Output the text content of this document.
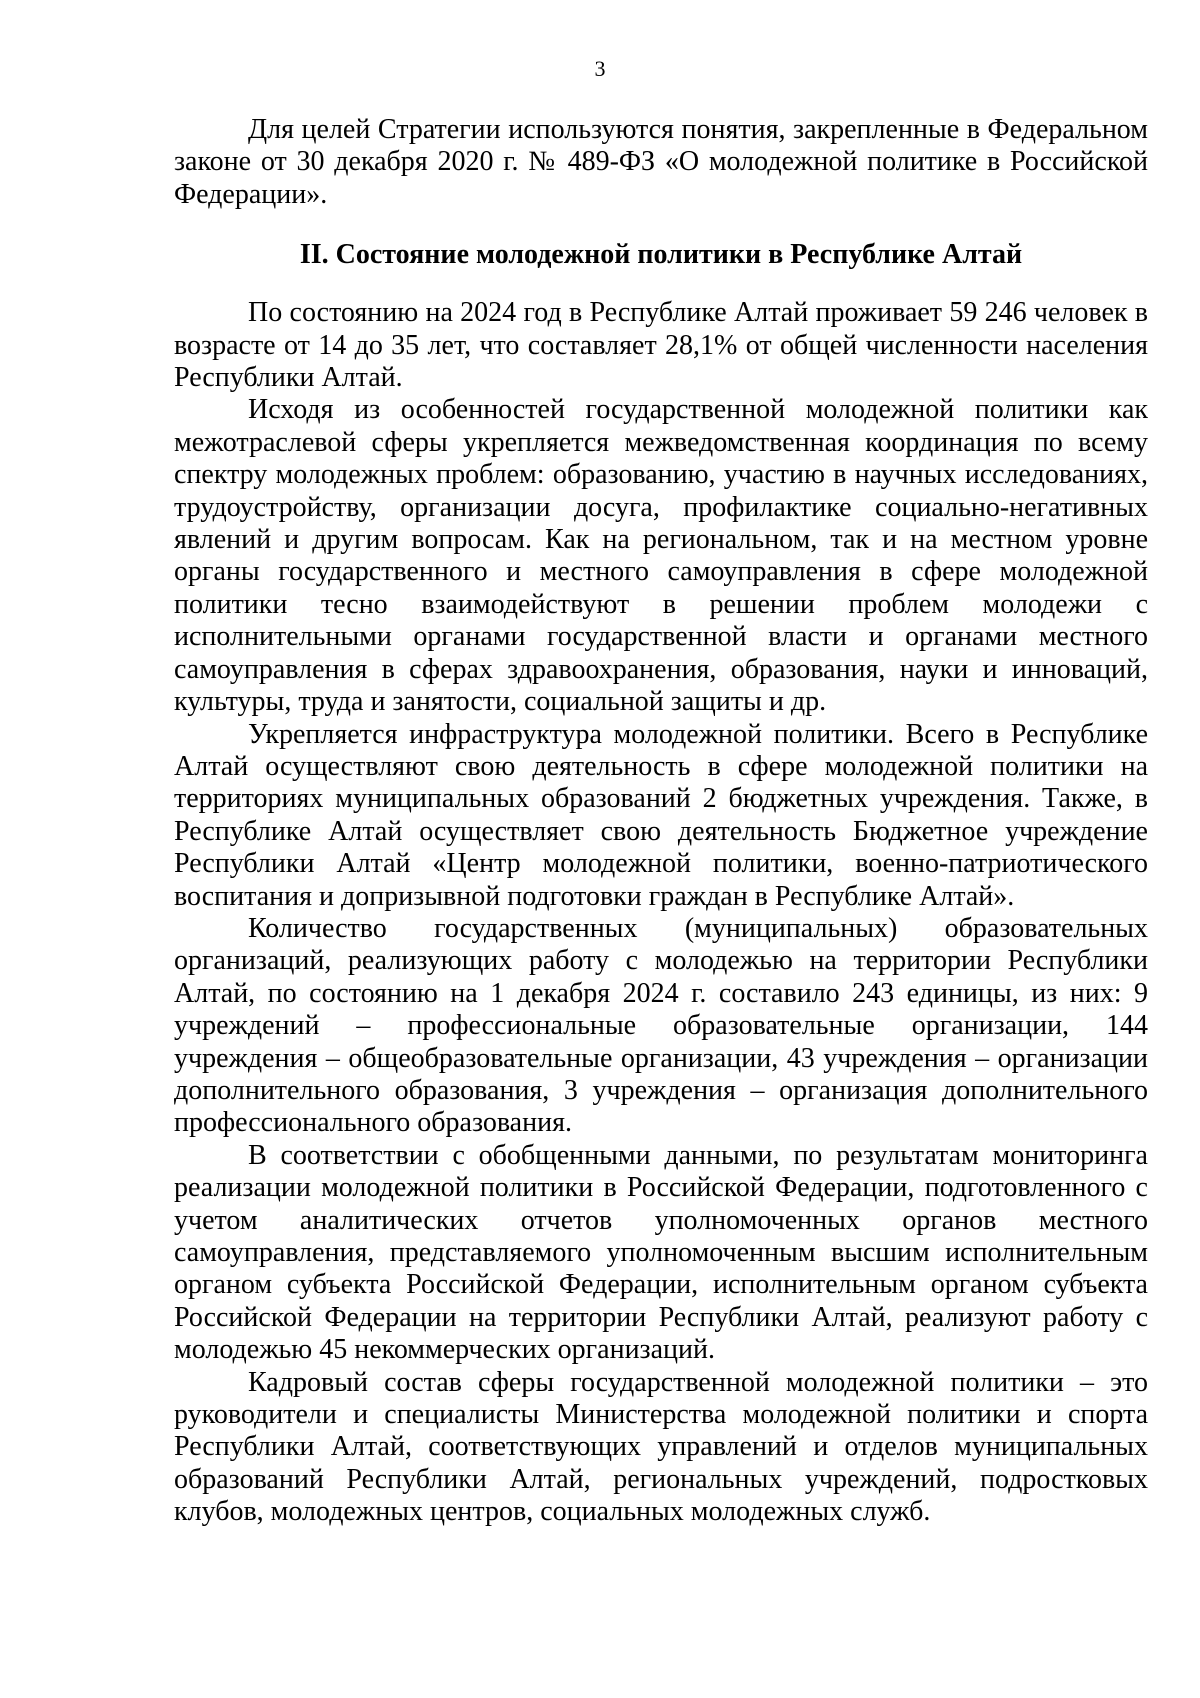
3

Для целей Стратегии используются понятия, закрепленные в Федеральном законе от 30 декабря 2020 г. № 489-ФЗ «О молодежной политике в Российской Федерации».

II. Состояние молодежной политики в Республике Алтай

По состоянию на 2024 год в Республике Алтай проживает 59 246 человек в возрасте от 14 до 35 лет, что составляет 28,1% от общей численности населения Республики Алтай.

Исходя из особенностей государственной молодежной политики как межотраслевой сферы укрепляется межведомственная координация по всему спектру молодежных проблем: образованию, участию в научных исследованиях, трудоустройству, организации досуга, профилактике социально-негативных явлений и другим вопросам. Как на региональном, так и на местном уровне органы государственного и местного самоуправления в сфере молодежной политики тесно взаимодействуют в решении проблем молодежи с исполнительными органами государственной власти и органами местного самоуправления в сферах здравоохранения, образования, науки и инноваций, культуры, труда и занятости, социальной защиты и др.

Укрепляется инфраструктура молодежной политики. Всего в Республике Алтай осуществляют свою деятельность в сфере молодежной политики на территориях муниципальных образований 2 бюджетных учреждения. Также, в Республике Алтай осуществляет свою деятельность Бюджетное учреждение Республики Алтай «Центр молодежной политики, военно-патриотического воспитания и допризывной подготовки граждан в Республике Алтай».

Количество государственных (муниципальных) образовательных организаций, реализующих работу с молодежью на территории Республики Алтай, по состоянию на 1 декабря 2024 г. составило 243 единицы, из них: 9 учреждений – профессиональные образовательные организации, 144 учреждения – общеобразовательные организации, 43 учреждения – организации дополнительного образования, 3 учреждения – организация дополнительного профессионального образования.

В соответствии с обобщенными данными, по результатам мониторинга реализации молодежной политики в Российской Федерации, подготовленного с учетом аналитических отчетов уполномоченных органов местного самоуправления, представляемого уполномоченным высшим исполнительным органом субъекта Российской Федерации, исполнительным органом субъекта Российской Федерации на территории Республики Алтай, реализуют работу с молодежью 45 некоммерческих организаций.

Кадровый состав сферы государственной молодежной политики – это руководители и специалисты Министерства молодежной политики и спорта Республики Алтай, соответствующих управлений и отделов муниципальных образований Республики Алтай, региональных учреждений, подростковых клубов, молодежных центров, социальных молодежных служб.
